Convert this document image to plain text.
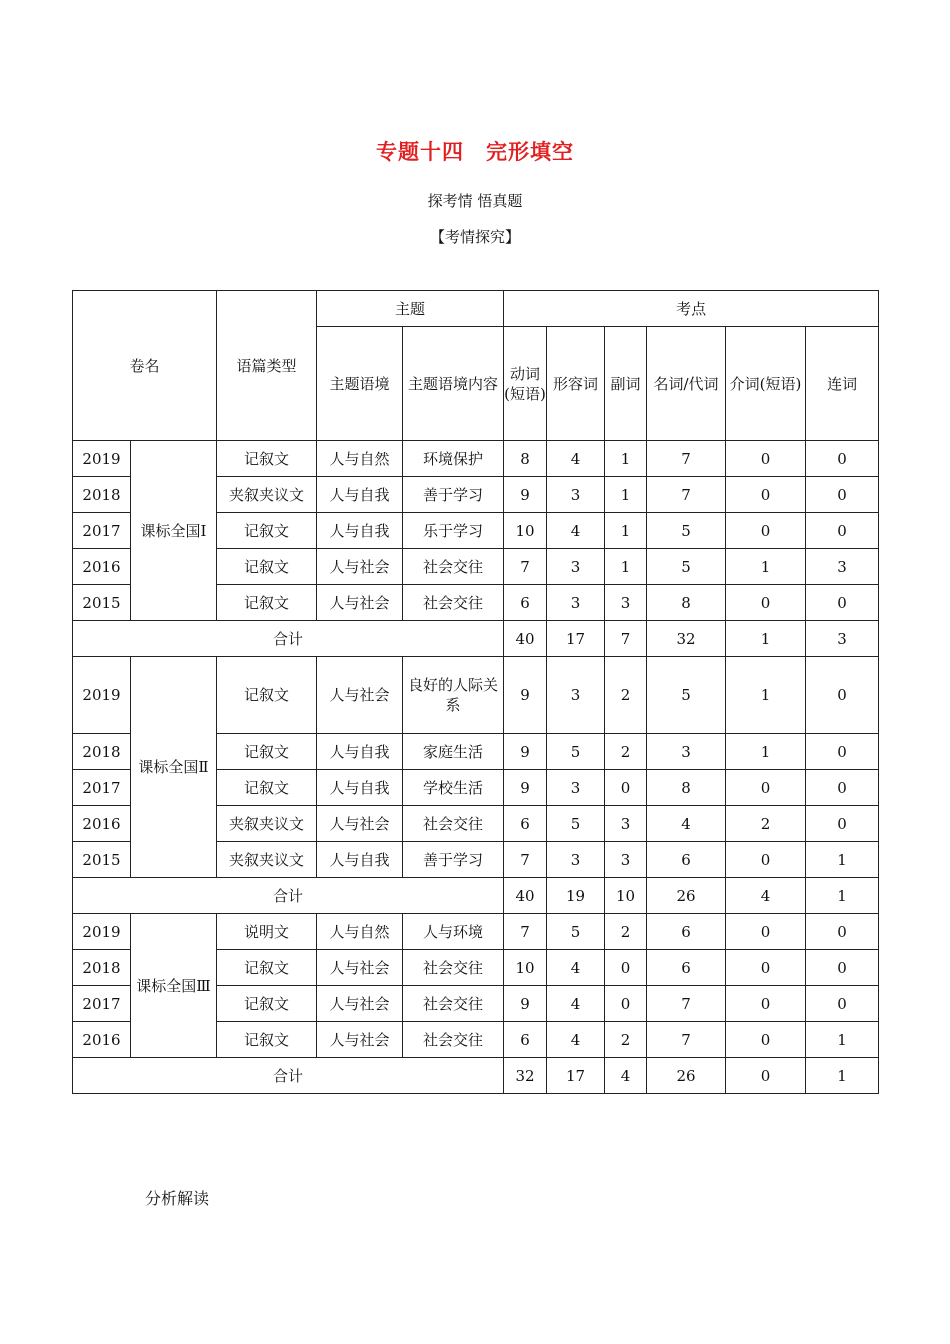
专题十四　完形填空
探考情 悟真题
【考情探究】
卷名		语篇类型	主题		考点					
			主题语境	主题语境内容	动词(短语)	形容词	副词	名词/代词	介词(短语)	连词
2019	课标全国Ⅰ	记叙文	人与自然	环境保护	8	4	1	7	0	0
2018		夹叙夹议文	人与自我	善于学习	9	3	1	7	0	0
2017		记叙文	人与自我	乐于学习	10	4	1	5	0	0
2016		记叙文	人与社会	社会交往	7	3	1	5	1	3
2015		记叙文	人与社会	社会交往	6	3	3	8	0	0
合计					40	17	7	32	1	3
2019	课标全国Ⅱ	记叙文	人与社会	良好的人际关系	9	3	2	5	1	0
2018		记叙文	人与自我	家庭生活	9	5	2	3	1	0
2017		记叙文	人与自我	学校生活	9	3	0	8	0	0
2016		夹叙夹议文	人与社会	社会交往	6	5	3	4	2	0
2015		夹叙夹议文	人与自我	善于学习	7	3	3	6	0	1
合计					40	19	10	26	4	1
2019	课标全国Ⅲ	说明文	人与自然	人与环境	7	5	2	6	0	0
2018		记叙文	人与社会	社会交往	10	4	0	6	0	0
2017		记叙文	人与社会	社会交往	9	4	0	7	0	0
2016		记叙文	人与社会	社会交往	6	4	2	7	0	1
合计					32	17	4	26	0	1
分析解读
